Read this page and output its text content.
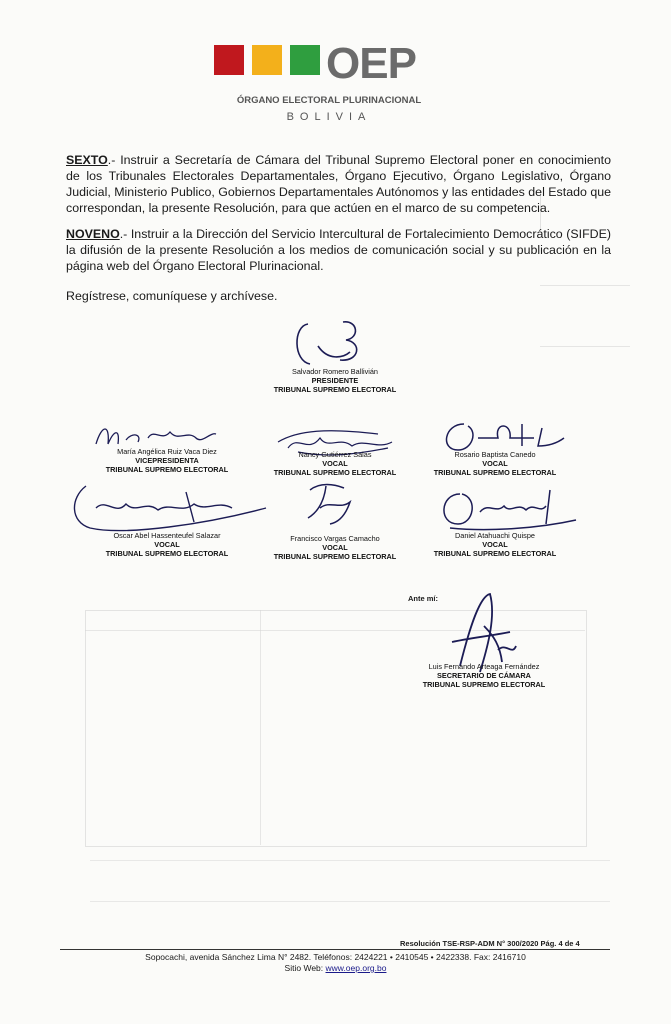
OEP
ÓRGANO ELECTORAL PLURINACIONAL
BOLIVIA
SEXTO.- Instruir a Secretaría de Cámara del Tribunal Supremo Electoral poner en conocimiento de los Tribunales Electorales Departamentales, Órgano Ejecutivo, Órgano Legislativo, Órgano Judicial, Ministerio Publico, Gobiernos Departamentales Autónomos y las entidades del Estado que correspondan, la presente Resolución, para que actúen en el marco de su competencia.
NOVENO.- Instruir a la Dirección del Servicio Intercultural de Fortalecimiento Democrático (SIFDE) la difusión de la presente Resolución a los medios de comunicación social y su publicación en la página web del Órgano Electoral Plurinacional.
Regístrese, comuníquese y archívese.
Salvador Romero Ballivián
PRESIDENTE
TRIBUNAL SUPREMO ELECTORAL
María Angélica Ruiz Vaca Diez
VICEPRESIDENTA
TRIBUNAL SUPREMO ELECTORAL
Nancy Gutiérrez Salas
VOCAL
TRIBUNAL SUPREMO ELECTORAL
Rosario Baptista Canedo
VOCAL
TRIBUNAL SUPREMO ELECTORAL
Oscar Abel Hassenteufel Salazar
VOCAL
TRIBUNAL SUPREMO ELECTORAL
Francisco Vargas Camacho
VOCAL
TRIBUNAL SUPREMO ELECTORAL
Daniel Atahuachi Quispe
VOCAL
TRIBUNAL SUPREMO ELECTORAL
Ante mí:
Luis Fernando Arteaga Fernández
SECRETARIO DE CÁMARA
TRIBUNAL SUPREMO ELECTORAL
Resolución TSE-RSP-ADM N° 300/2020 Pág. 4 de 4
Sopocachi, avenida Sánchez Lima N° 2482. Teléfonos: 2424221 • 2410545 • 2422338. Fax: 2416710
Sitio Web: www.oep.org.bo
